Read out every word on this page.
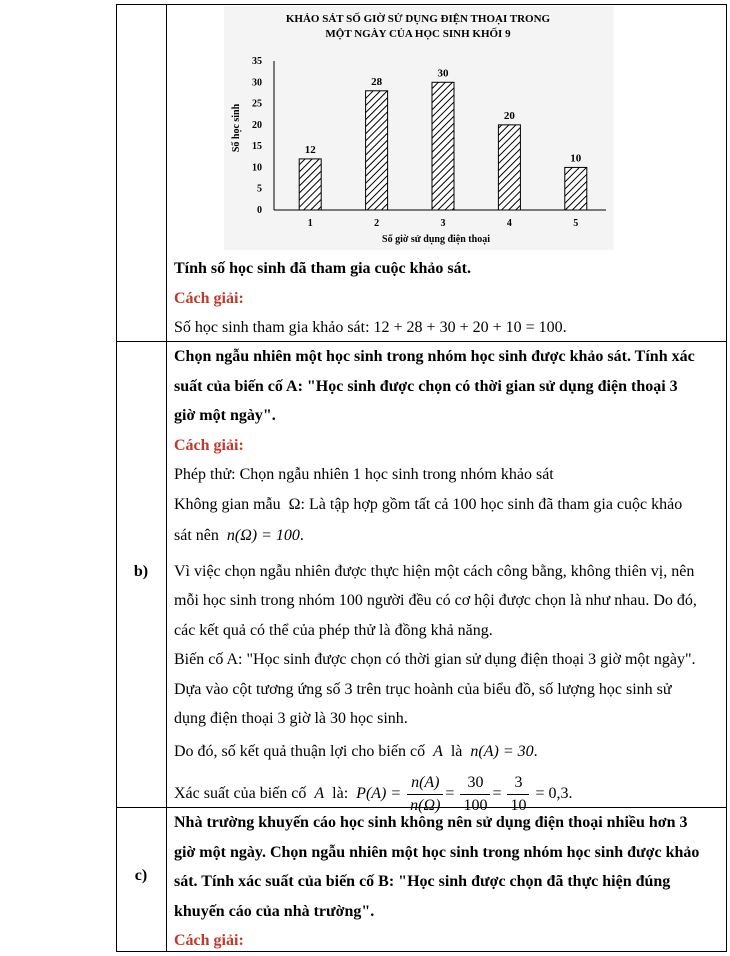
KHẢO SÁT SỐ GIỜ SỬ DỤNG ĐIỆN THOẠI TRONG
MỘT NGÀY CỦA HỌC SINH KHỐI 9
Số học sinh
Số giờ sử dụng điện thoại
0
5
10
15
20
25
30
35
12
1
28
2
30
3
20
4
10
5
Tính số học sinh đã tham gia cuộc khảo sát.
Cách giải:
Số học sinh tham gia khảo sát: 12 + 28 + 30 + 20 + 10 = 100.
b)
Chọn ngẫu nhiên một học sinh trong nhóm học sinh được khảo sát. Tính xác
suất của biến cố A: "Học sinh được chọn có thời gian sử dụng điện thoại 3
giờ một ngày".
Cách giải:
Phép thử: Chọn ngẫu nhiên 1 học sinh trong nhóm khảo sát
Không gian mẫu Ω: Là tập hợp gồm tất cả 100 học sinh đã tham gia cuộc khảo
sát nên n(Ω) = 100.
Vì việc chọn ngẫu nhiên được thực hiện một cách công bằng, không thiên vị, nên
mỗi học sinh trong nhóm 100 người đều có cơ hội được chọn là như nhau. Do đó,
các kết quả có thể của phép thử là đồng khả năng.
Biến cố A: "Học sinh được chọn có thời gian sử dụng điện thoại 3 giờ một ngày".
Dựa vào cột tương ứng số 3 trên trục hoành của biểu đồ, số lượng học sinh sử
dụng điện thoại 3 giờ là 30 học sinh.
Do đó, số kết quả thuận lợi cho biến cố A là n(A) = 30.
Xác suất của biến cố A là: $P(A) = \frac{n(A)}{n(\Omega)} = \frac{30}{100} = \frac{3}{10} = 0,3$.
c)
Nhà trường khuyến cáo học sinh không nên sử dụng điện thoại nhiều hơn 3
giờ một ngày. Chọn ngẫu nhiên một học sinh trong nhóm học sinh được khảo
sát. Tính xác suất của biến cố B: "Học sinh được chọn đã thực hiện đúng
khuyến cáo của nhà trường".
Cách giải:
